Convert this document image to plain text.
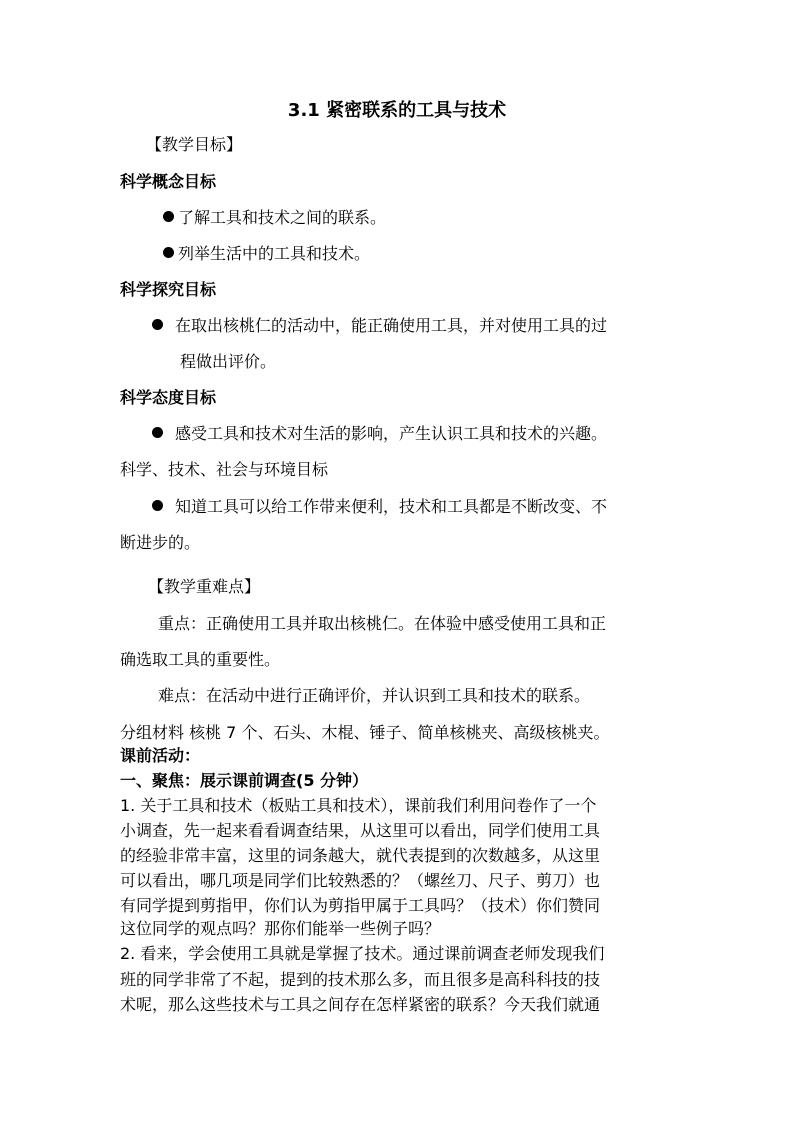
3.1 紧密联系的工具与技术
【教学目标】
科学概念目标
了解工具和技术之间的联系。
列举生活中的工具和技术。
科学探究目标
在取出核桃仁的活动中，能正确使用工具，并对使用工具的过
程做出评价。
科学态度目标
感受工具和技术对生活的影响，产生认识工具和技术的兴趣。
科学、技术、社会与环境目标
知道工具可以给工作带来便利，技术和工具都是不断改变、不
断进步的。
【教学重难点】
重点：正确使用工具并取出核桃仁。在体验中感受使用工具和正
确选取工具的重要性。
难点：在活动中进行正确评价，并认识到工具和技术的联系。
分组材料 核桃 7 个、石头、木棍、锤子、简单核桃夹、高级核桃夹。
课前活动：
一、聚焦：展示课前调查(5 分钟）
1. 关于工具和技术（板贴工具和技术），课前我们利用问卷作了一个
小调查，先一起来看看调查结果，从这里可以看出，同学们使用工具
的经验非常丰富，这里的词条越大，就代表提到的次数越多，从这里
可以看出，哪几项是同学们比较熟悉的？（螺丝刀、尺子、剪刀）也
有同学提到剪指甲，你们认为剪指甲属于工具吗？（技术）你们赞同
这位同学的观点吗？那你们能举一些例子吗？
2. 看来，学会使用工具就是掌握了技术。通过课前调查老师发现我们
班的同学非常了不起，提到的技术那么多，而且很多是高科科技的技
术呢，那么这些技术与工具之间存在怎样紧密的联系？今天我们就通
